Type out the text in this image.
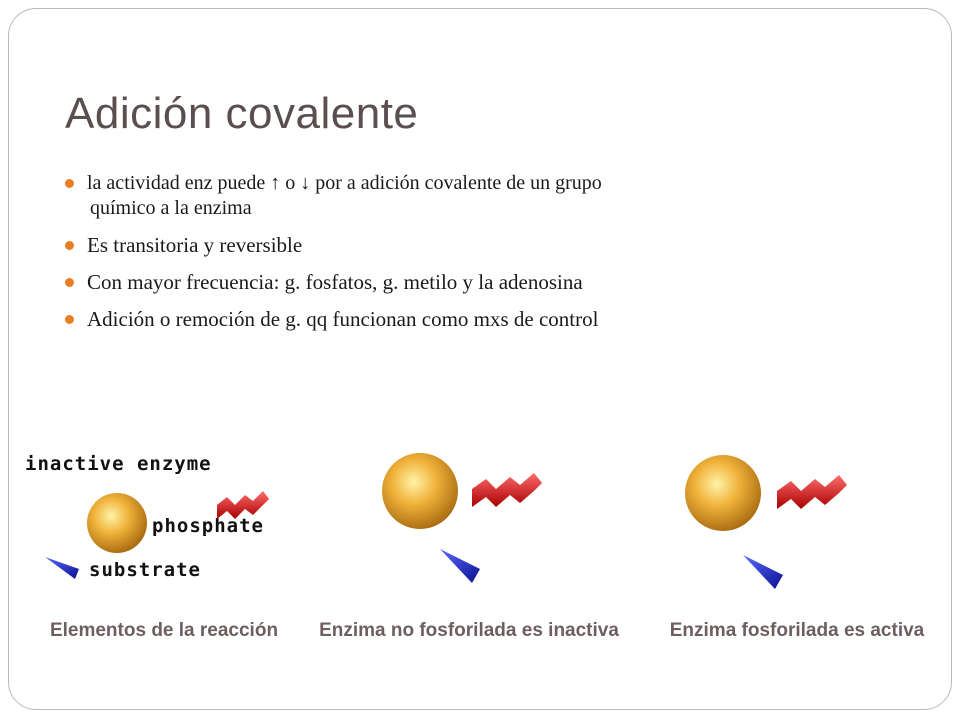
Adición covalente
la actividad enz puede ↑ o ↓ por a adición covalente de un grupo
químico a la enzima
Es transitoria y reversible
Con mayor frecuencia: g. fosfatos, g. metilo y la adenosina
Adición o remoción de g. qq funcionan como mxs de control
inactive enzyme
phosphate
substrate
Elementos de la reacción	Enzima no fosforilada es inactiva	Enzima fosforilada es activa
